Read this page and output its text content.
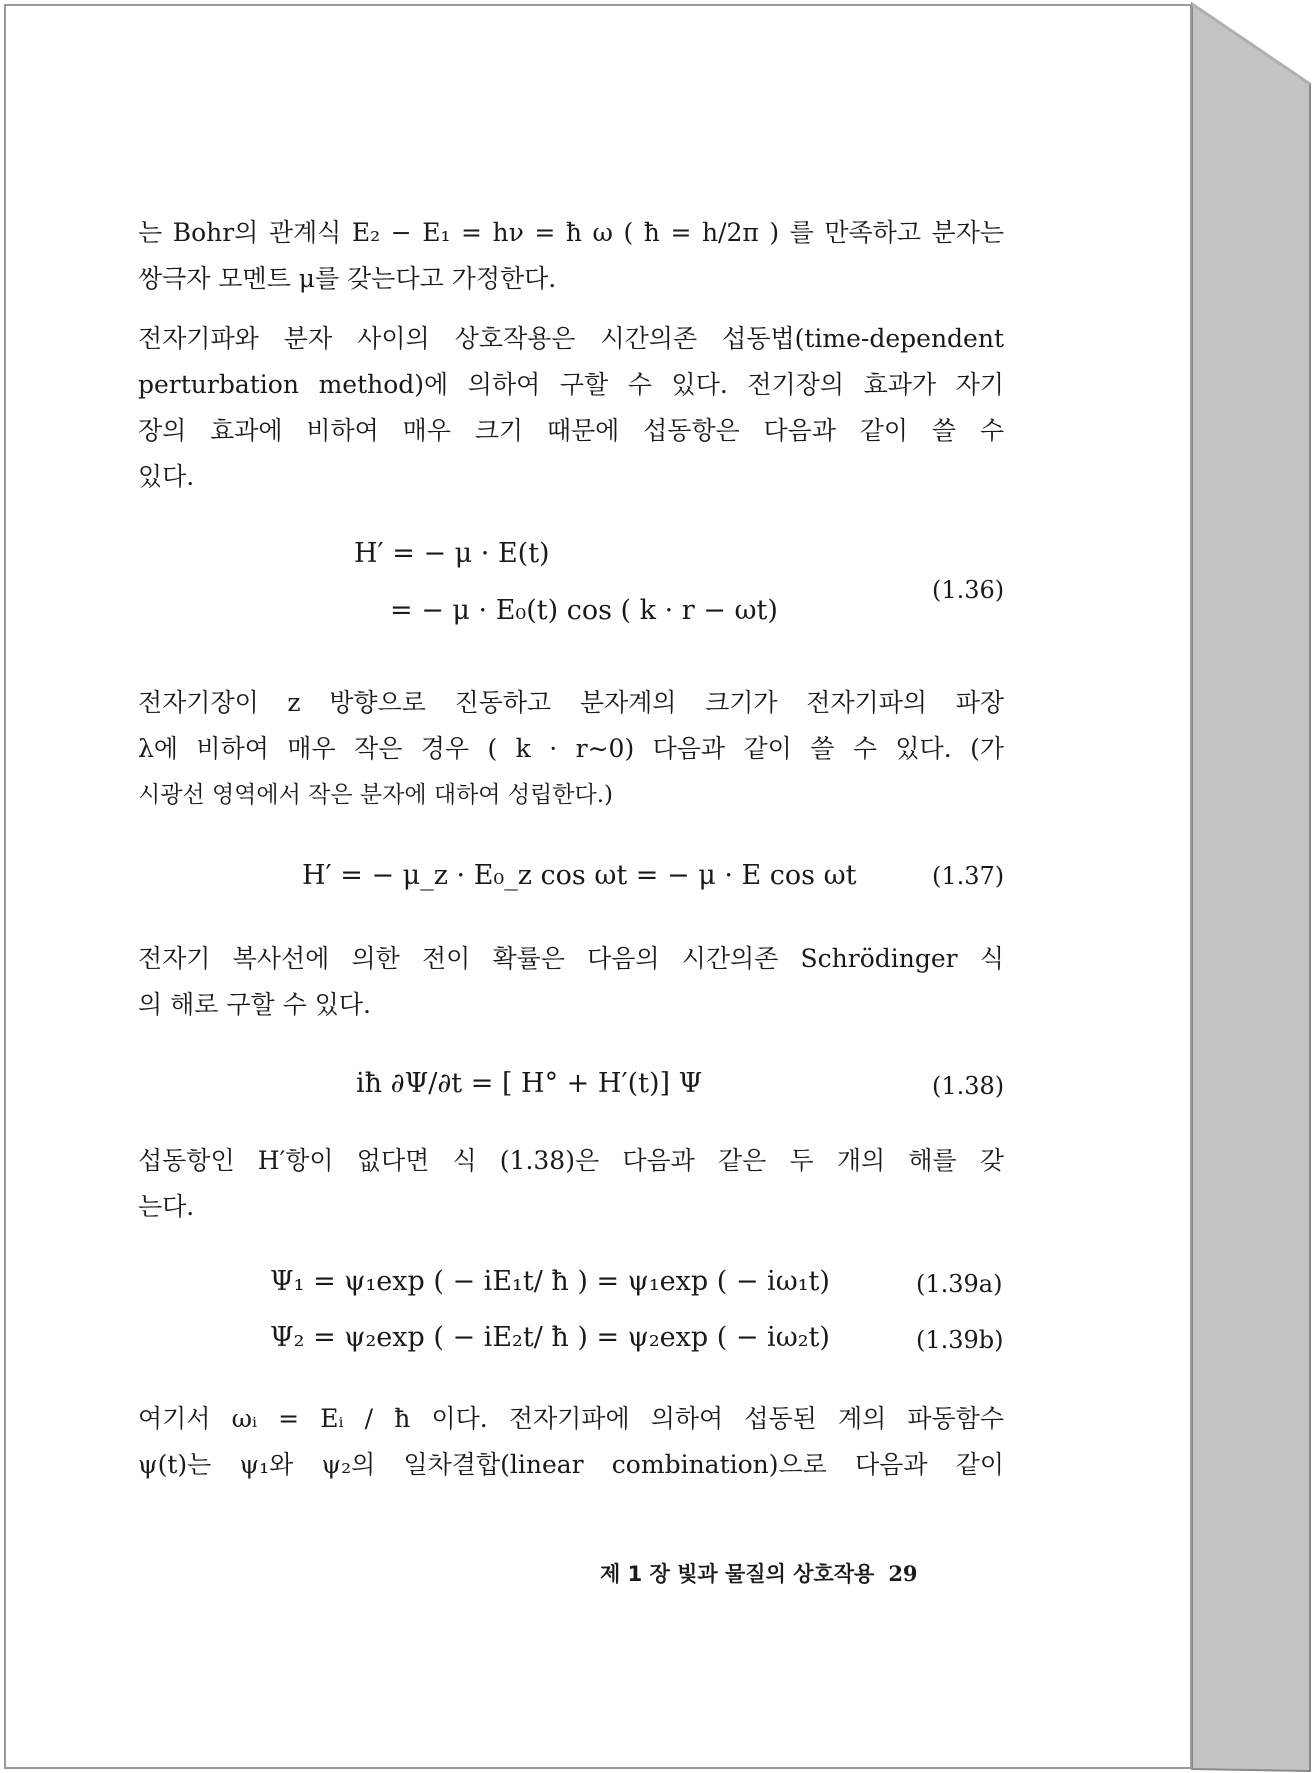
는 Bohr의 관계식 E₂ − E₁ = hν = ħ ω ( ħ = h/2π ) 를 만족하고 분자는
쌍극자 모멘트 μ를 갖는다고 가정한다.
전자기파와 분자 사이의 상호작용은 시간의존 섭동법(time-dependent
perturbation method)에 의하여 구할 수 있다. 전기장의 효과가 자기
장의 효과에 비하여 매우 크기 때문에 섭동항은 다음과 같이 쓸 수
있다.
H′ = − μ · E(t)
= − μ · E₀(t) cos ( k · r − ωt)
(1.36)
전자기장이 z 방향으로 진동하고 분자계의 크기가 전자기파의 파장
λ에 비하여 매우 작은 경우 ( k · r∼0) 다음과 같이 쓸 수 있다. (가
시광선 영역에서 작은 분자에 대하여 성립한다.)
H′ = − μ_z · E₀_z cos ωt = − μ · E cos ωt	(1.37)
전자기 복사선에 의한 전이 확률은 다음의 시간의존 Schrödinger 식
의 해로 구할 수 있다.
iħ ∂Ψ/∂t = [ H° + H′(t)] Ψ	(1.38)
섭동항인 H′항이 없다면 식 (1.38)은 다음과 같은 두 개의 해를 갖
는다.
Ψ₁ = ψ₁exp ( − iE₁t/ ħ ) = ψ₁exp ( − iω₁t)	(1.39a)
Ψ₂ = ψ₂exp ( − iE₂t/ ħ ) = ψ₂exp ( − iω₂t)	(1.39b)
여기서 ωᵢ = Eᵢ / ħ 이다. 전자기파에 의하여 섭동된 계의 파동함수
ψ(t)는 ψ₁와 ψ₂의 일차결합(linear combination)으로 다음과 같이
제 1 장 빛과 물질의 상호작용 29
